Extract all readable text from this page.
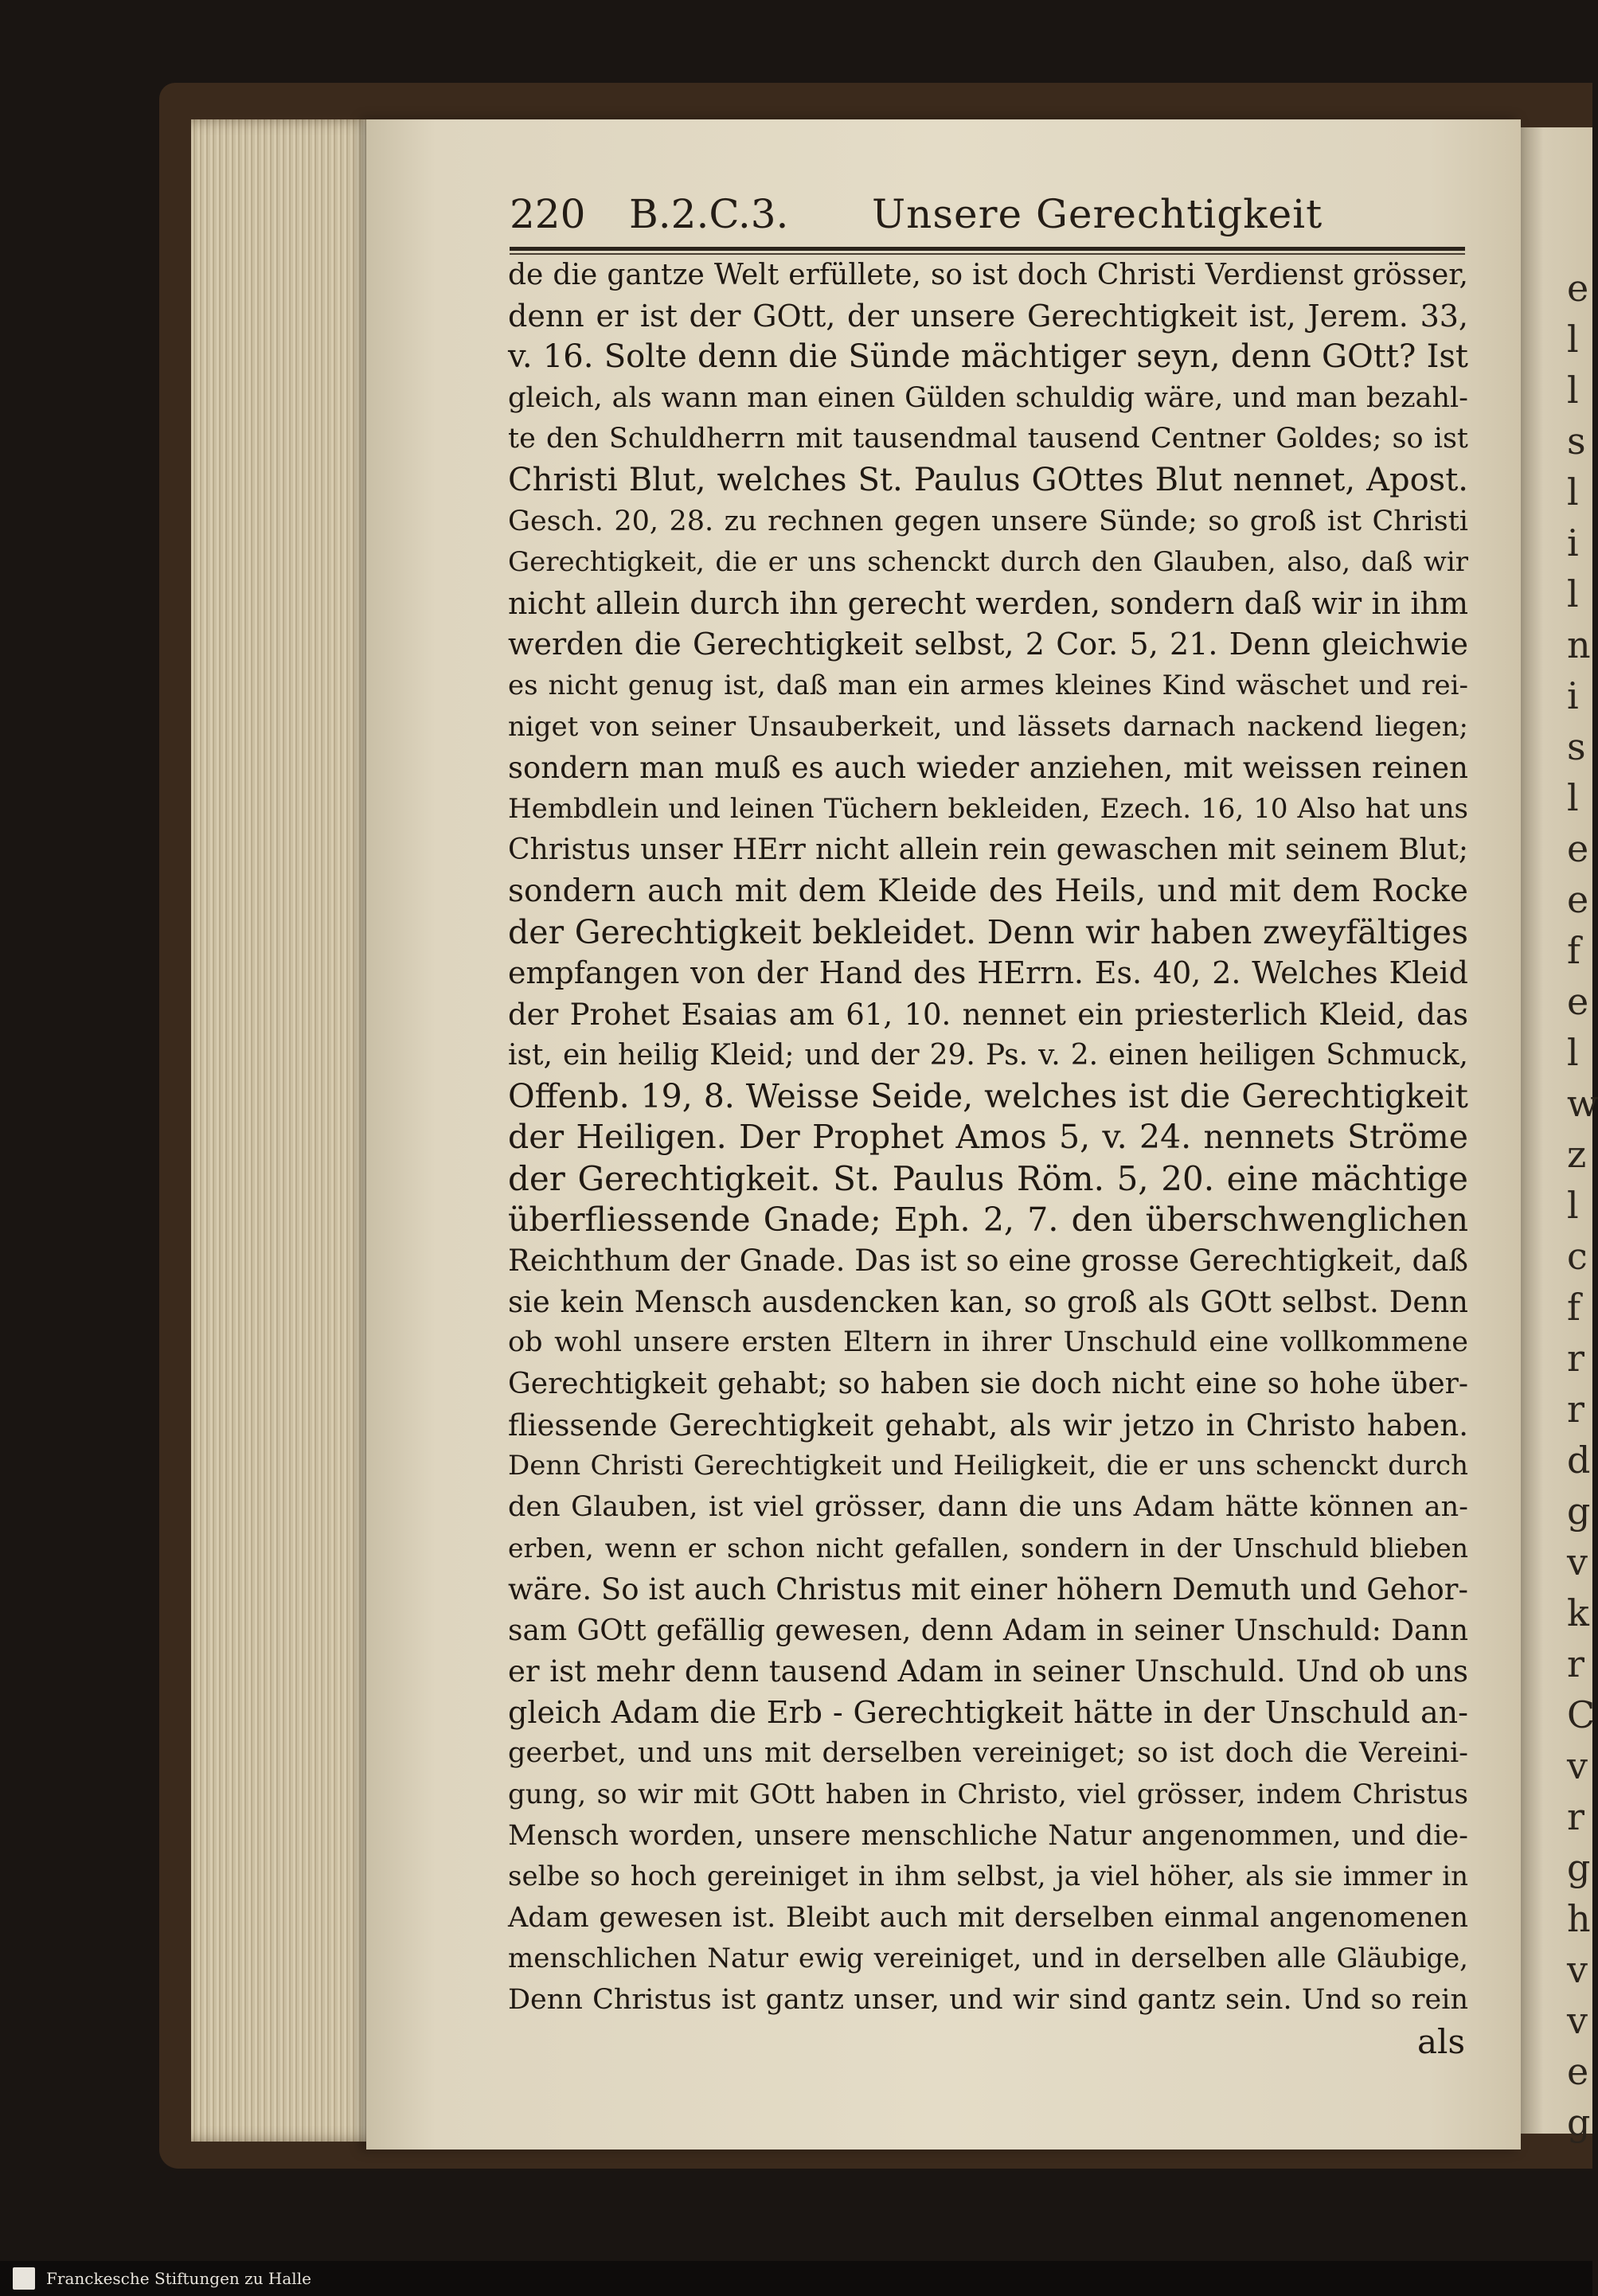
e
l
l
s
l
i
l
n
i
s
l
e
e
f
e
l
w
z
l
c
f
r
r
d
g
v
k
r
C
v
r
g
h
v
v
e
g
220 B.2.C.3. Unsere Gerechtigkeit
de die gantze Welt erfüllete, so ist doch Christi Verdienst grösser,
denn er ist der GOtt, der unsere Gerechtigkeit ist, Jerem. 33,
v. 16. Solte denn die Sünde mächtiger seyn, denn GOtt? Ist
gleich, als wann man einen Gülden schuldig wäre, und man bezahl-
te den Schuldherrn mit tausendmal tausend Centner Goldes; so ist
Christi Blut, welches St. Paulus GOttes Blut nennet, Apost.
Gesch. 20, 28. zu rechnen gegen unsere Sünde; so groß ist Christi
Gerechtigkeit, die er uns schenckt durch den Glauben, also, daß wir
nicht allein durch ihn gerecht werden, sondern daß wir in ihm
werden die Gerechtigkeit selbst, 2 Cor. 5, 21. Denn gleichwie
es nicht genug ist, daß man ein armes kleines Kind wäschet und rei-
niget von seiner Unsauberkeit, und lässets darnach nackend liegen;
sondern man muß es auch wieder anziehen, mit weissen reinen
Hembdlein und leinen Tüchern bekleiden, Ezech. 16, 10 Also hat uns
Christus unser HErr nicht allein rein gewaschen mit seinem Blut;
sondern auch mit dem Kleide des Heils, und mit dem Rocke
der Gerechtigkeit bekleidet. Denn wir haben zweyfältiges
empfangen von der Hand des HErrn. Es. 40, 2. Welches Kleid
der Prohet Esaias am 61, 10. nennet ein priesterlich Kleid, das
ist, ein heilig Kleid; und der 29. Ps. v. 2. einen heiligen Schmuck,
Offenb. 19, 8. Weisse Seide, welches ist die Gerechtigkeit
der Heiligen. Der Prophet Amos 5, v. 24. nennets Ströme
der Gerechtigkeit. St. Paulus Röm. 5, 20. eine mächtige
überfliessende Gnade; Eph. 2, 7. den überschwenglichen
Reichthum der Gnade. Das ist so eine grosse Gerechtigkeit, daß
sie kein Mensch ausdencken kan, so groß als GOtt selbst. Denn
ob wohl unsere ersten Eltern in ihrer Unschuld eine vollkommene
Gerechtigkeit gehabt; so haben sie doch nicht eine so hohe über-
fliessende Gerechtigkeit gehabt, als wir jetzo in Christo haben.
Denn Christi Gerechtigkeit und Heiligkeit, die er uns schenckt durch
den Glauben, ist viel grösser, dann die uns Adam hätte können an-
erben, wenn er schon nicht gefallen, sondern in der Unschuld blieben
wäre. So ist auch Christus mit einer höhern Demuth und Gehor-
sam GOtt gefällig gewesen, denn Adam in seiner Unschuld: Dann
er ist mehr denn tausend Adam in seiner Unschuld. Und ob uns
gleich Adam die Erb - Gerechtigkeit hätte in der Unschuld an-
geerbet, und uns mit derselben vereiniget; so ist doch die Vereini-
gung, so wir mit GOtt haben in Christo, viel grösser, indem Christus
Mensch worden, unsere menschliche Natur angenommen, und die-
selbe so hoch gereiniget in ihm selbst, ja viel höher, als sie immer in
Adam gewesen ist. Bleibt auch mit derselben einmal angenomenen
menschlichen Natur ewig vereiniget, und in derselben alle Gläubige,
Denn Christus ist gantz unser, und wir sind gantz sein. Und so rein
als
Franckesche Stiftungen zu Halle
